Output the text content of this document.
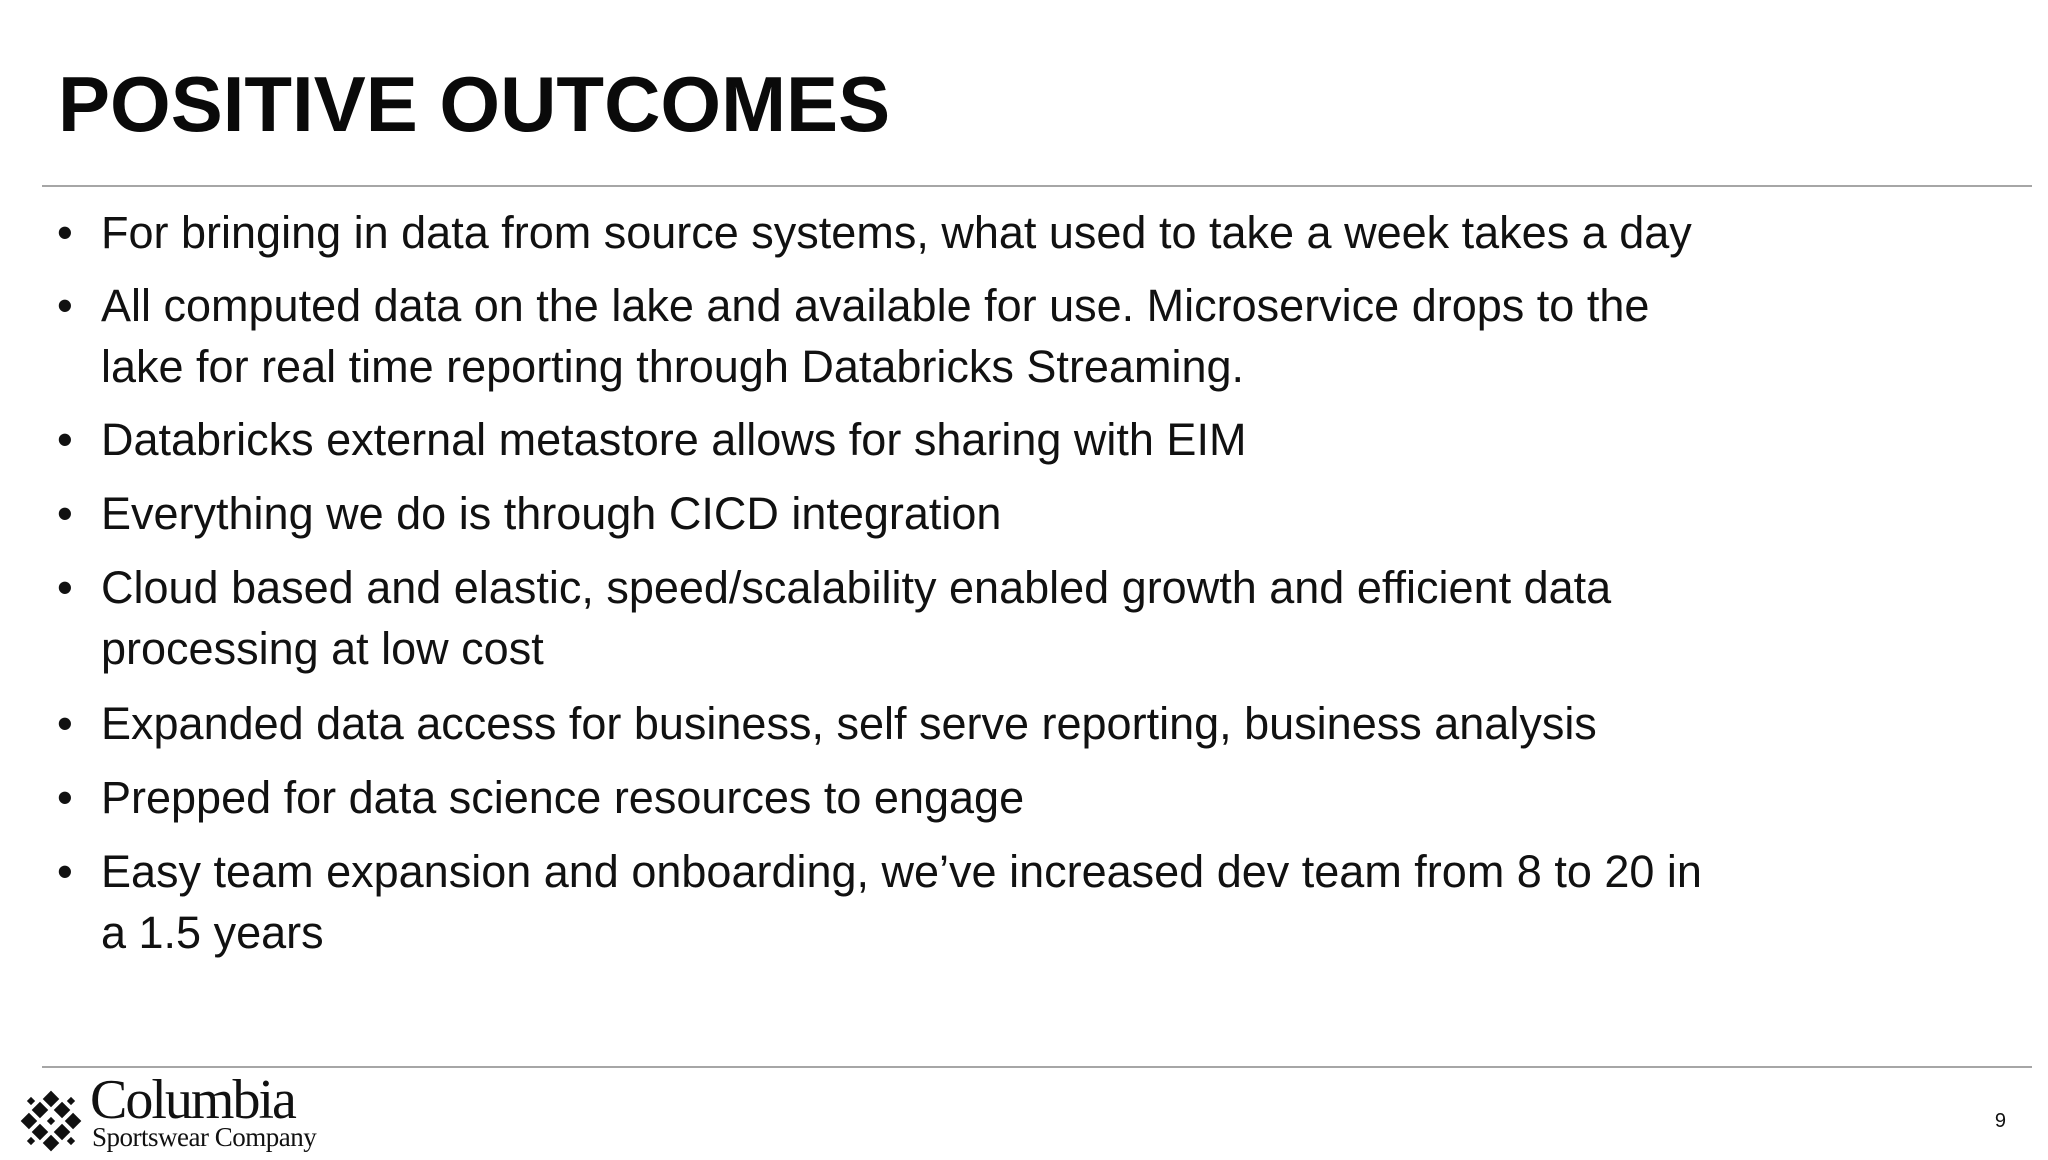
POSITIVE OUTCOMES
• For bringing in data from source systems, what used to take a week takes a day
• All computed data on the lake and available for use. Microservice drops to the lake for real time reporting through Databricks Streaming.
• Databricks external metastore allows for sharing with EIM
• Everything we do is through CICD integration
• Cloud based and elastic, speed/scalability enabled growth and efficient data processing at low cost
• Expanded data access for business, self serve reporting, business analysis
• Prepped for data science resources to engage
• Easy team expansion and onboarding, we’ve increased dev team from 8 to 20 in a 1.5 years
Columbia
Sportswear Company
9
